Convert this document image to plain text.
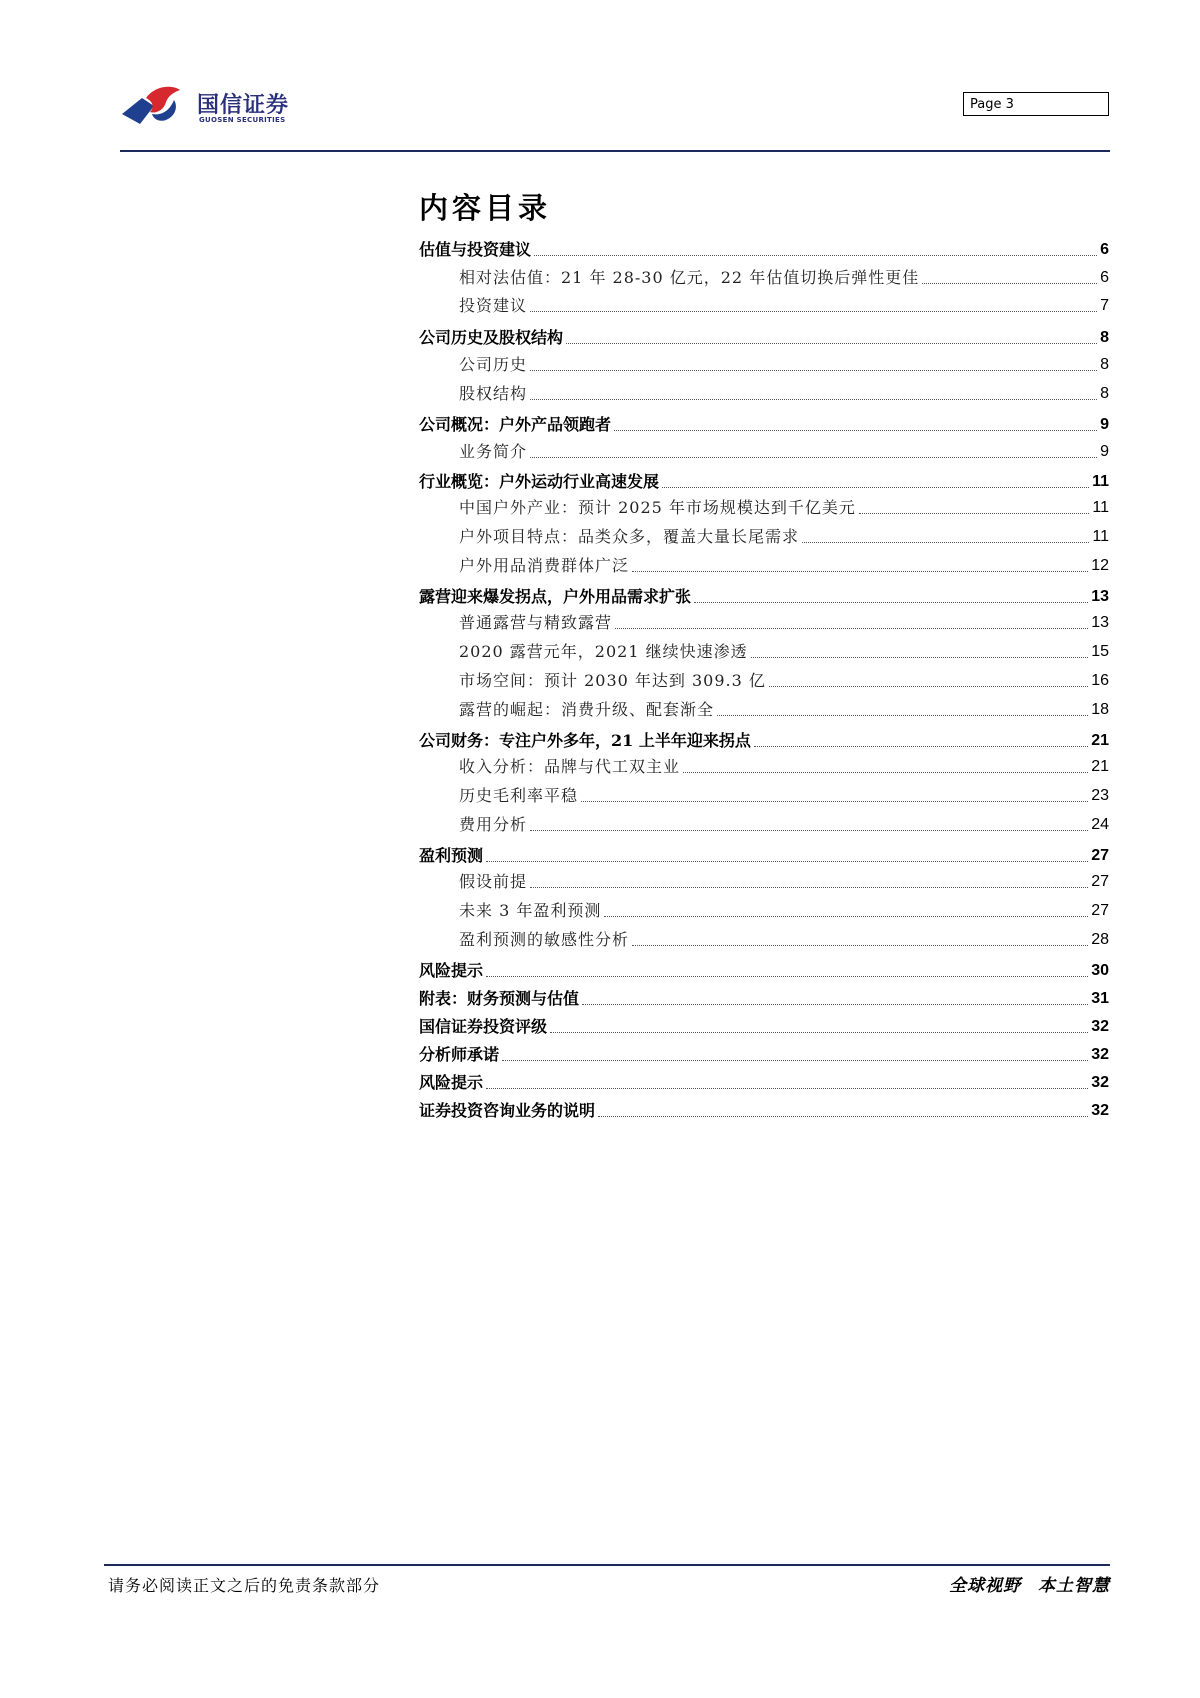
国信证券
GUOSEN SECURITIES
Page 3
内容目录
估值与投资建议	6
相对法估值：21 年 28-30 亿元，22 年估值切换后弹性更佳	6
投资建议	7
公司历史及股权结构	8
公司历史	8
股权结构	8
公司概况：户外产品领跑者	9
业务简介	9
行业概览：户外运动行业高速发展	11
中国户外产业：预计 2025 年市场规模达到千亿美元	11
户外项目特点：品类众多，覆盖大量长尾需求	11
户外用品消费群体广泛	12
露营迎来爆发拐点，户外用品需求扩张	13
普通露营与精致露营	13
2020 露营元年，2021 继续快速渗透	15
市场空间：预计 2030 年达到 309.3 亿	16
露营的崛起：消费升级、配套渐全	18
公司财务：专注户外多年，21 上半年迎来拐点	21
收入分析：品牌与代工双主业	21
历史毛利率平稳	23
费用分析	24
盈利预测	27
假设前提	27
未来 3 年盈利预测	27
盈利预测的敏感性分析	28
风险提示	30
附表：财务预测与估值	31
国信证券投资评级	32
分析师承诺	32
风险提示	32
证券投资咨询业务的说明	32
请务必阅读正文之后的免责条款部分	全球视野 本土智慧
